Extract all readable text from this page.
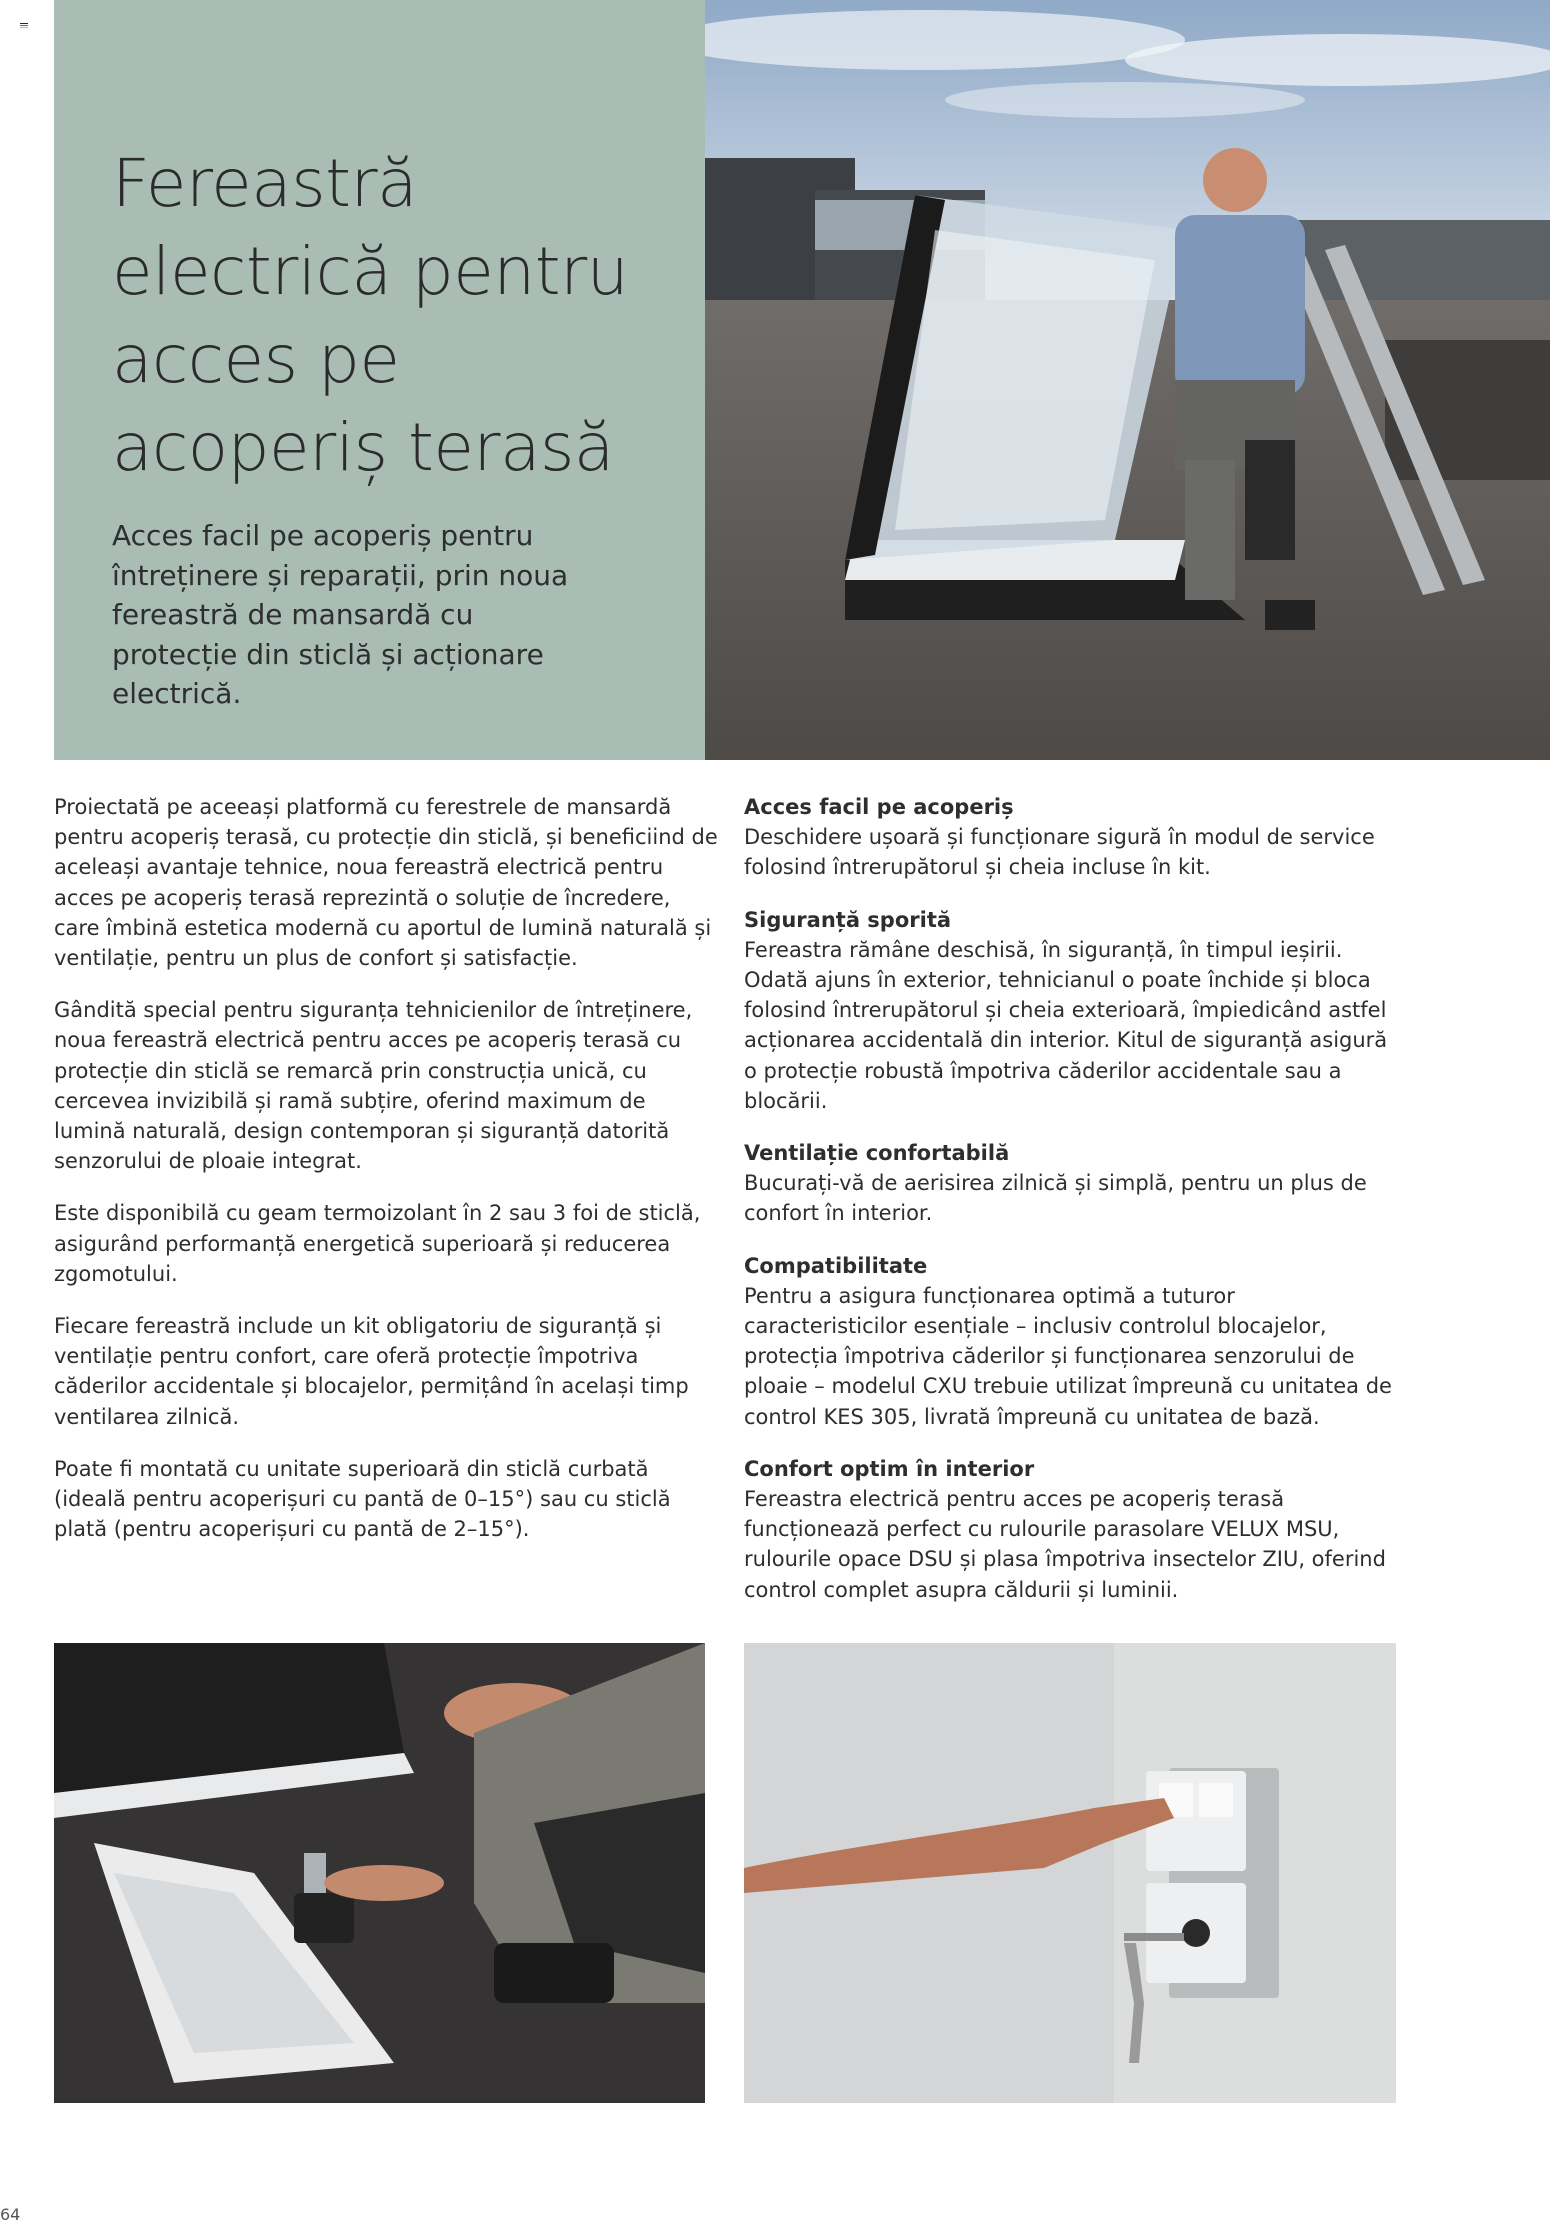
Fereastră electrică pentru acces pe acoperiș terasă

Acces facil pe acoperiș pentru întreținere și reparații, prin noua fereastră de mansardă cu protecție din sticlă și acționare electrică.

Proiectată pe aceeași platformă cu ferestrele de mansardă pentru acoperiș terasă, cu protecție din sticlă, și beneficiind de aceleași avantaje tehnice, noua fereastră electrică pentru acces pe acoperiș terasă reprezintă o soluție de încredere, care îmbină estetica modernă cu aportul de lumină naturală și ventilație, pentru un plus de confort și satisfacție.

Gândită special pentru siguranța tehnicienilor de întreținere, noua fereastră electrică pentru acces pe acoperiș terasă cu protecție din sticlă se remarcă prin construcția unică, cu cercevea invizibilă și ramă subțire, oferind maximum de lumină naturală, design contemporan și siguranță datorită senzorului de ploaie integrat.

Este disponibilă cu geam termoizolant în 2 sau 3 foi de sticlă, asigurând performanță energetică superioară și reducerea zgomotului.

Fiecare fereastră include un kit obligatoriu de siguranță și ventilație pentru confort, care oferă protecție împotriva căderilor accidentale și blocajelor, permițând în același timp ventilarea zilnică.

Poate fi montată cu unitate superioară din sticlă curbată (ideală pentru acoperișuri cu pantă de 0–15°) sau cu sticlă plată (pentru acoperișuri cu pantă de 2–15°).

Acces facil pe acoperiș

Deschidere ușoară și funcționare sigură în modul de service folosind întrerupătorul și cheia incluse în kit.

Siguranță sporită

Fereastra rămâne deschisă, în siguranță, în timpul ieșirii. Odată ajuns în exterior, tehnicianul o poate închide și bloca folosind întrerupătorul și cheia exterioară, împiedicând astfel acționarea accidentală din interior. Kitul de siguranță asigură o protecție robustă împotriva căderilor accidentale sau a blocării.

Ventilație confortabilă

Bucurați-vă de aerisirea zilnică și simplă, pentru un plus de confort în interior.

Compatibilitate

Pentru a asigura funcționarea optimă a tuturor caracteristicilor esențiale – inclusiv controlul blocajelor, protecția împotriva căderilor și funcționarea senzorului de ploaie – modelul CXU trebuie utilizat împreună cu unitatea de control KES 305, livrată împreună cu unitatea de bază.

Confort optim în interior

Fereastra electrică pentru acces pe acoperiș terasă funcționează perfect cu rulourile parasolare VELUX MSU, rulourile opace DSU și plasa împotriva insectelor ZIU, oferind control complet asupra căldurii și luminii.

64
